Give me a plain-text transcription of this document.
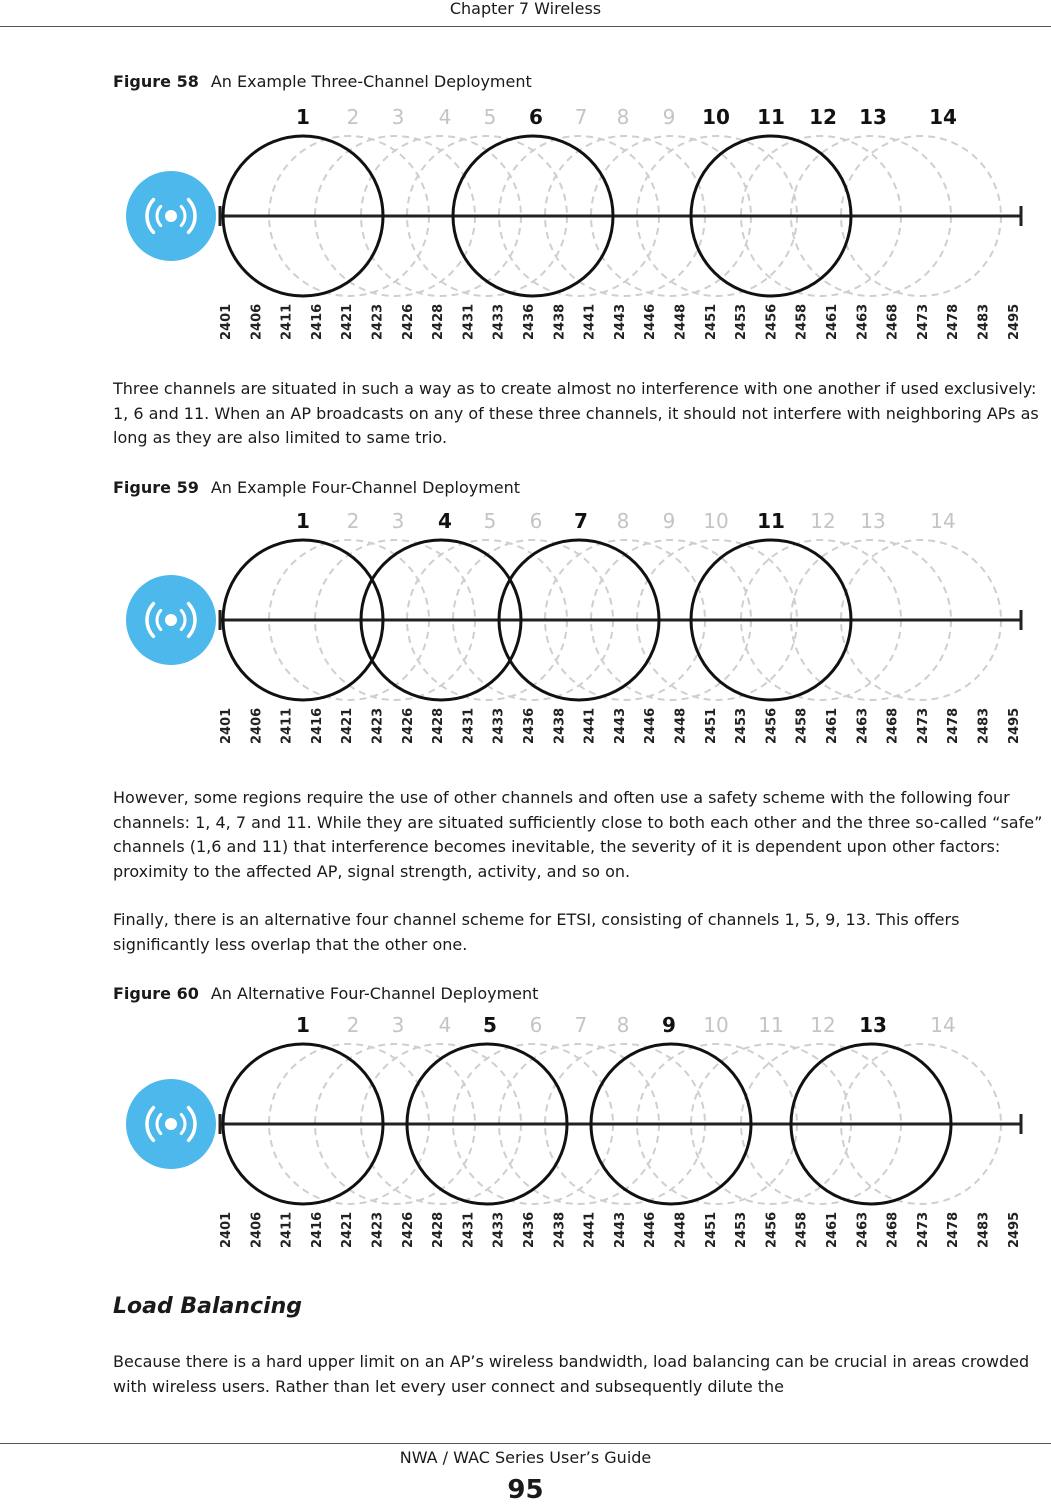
Chapter 7 Wireless
Figure 58 An Example Three-Channel Deployment
1 2 3 4 5 6 7 8 9 10 11 12 13 14
2401 2406 2411 2416 2421 2423 2426 2428 2431 2433 2436 2438 2441 2443 2446 2448 2451 2453 2456 2458 2461 2463 2468 2473 2478 2483 2495

Three channels are situated in such a way as to create almost no interference with one another if used exclusively: 1, 6 and 11. When an AP broadcasts on any of these three channels, it should not interfere with neighboring APs as long as they are also limited to same trio.

Figure 59 An Example Four-Channel Deployment
1 2 3 4 5 6 7 8 9 10 11 12 13 14
2401 2406 2411 2416 2421 2423 2426 2428 2431 2433 2436 2438 2441 2443 2446 2448 2451 2453 2456 2458 2461 2463 2468 2473 2478 2483 2495

However, some regions require the use of other channels and often use a safety scheme with the following four channels: 1, 4, 7 and 11. While they are situated sufficiently close to both each other and the three so-called “safe” channels (1,6 and 11) that interference becomes inevitable, the severity of it is dependent upon other factors: proximity to the affected AP, signal strength, activity, and so on.

Finally, there is an alternative four channel scheme for ETSI, consisting of channels 1, 5, 9, 13. This offers significantly less overlap that the other one.

Figure 60 An Alternative Four-Channel Deployment
1 2 3 4 5 6 7 8 9 10 11 12 13 14
2401 2406 2411 2416 2421 2423 2426 2428 2431 2433 2436 2438 2441 2443 2446 2448 2451 2453 2456 2458 2461 2463 2468 2473 2478 2483 2495
Load Balancing

Because there is a hard upper limit on an AP’s wireless bandwidth, load balancing can be crucial in areas crowded with wireless users. Rather than let every user connect and subsequently dilute the

NWA / WAC Series User’s Guide
95
